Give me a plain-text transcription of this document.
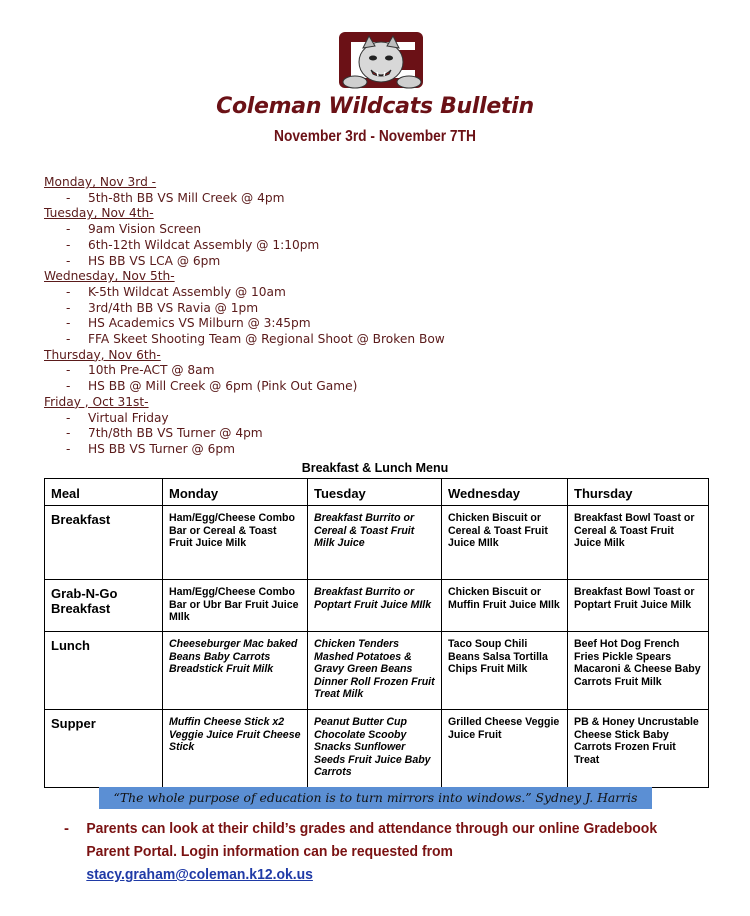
Coleman Wildcats Bulletin
November 3rd - November 7TH
Monday, Nov 3rd -
- 5th-8th BB VS Mill Creek @ 4pm
Tuesday, Nov 4th-
- 9am Vision Screen
- 6th-12th Wildcat Assembly @ 1:10pm
- HS BB VS LCA @ 6pm
Wednesday, Nov 5th-
- K-5th Wildcat Assembly @ 10am
- 3rd/4th BB VS Ravia @ 1pm
- HS Academics VS Milburn @ 3:45pm
- FFA Skeet Shooting Team @ Regional Shoot @ Broken Bow
Thursday, Nov 6th-
- 10th Pre-ACT @ 8am
- HS BB @ Mill Creek @ 6pm (Pink Out Game)
Friday , Oct 31st-
- Virtual Friday
- 7th/8th BB VS Turner @ 4pm
- HS BB VS Turner @ 6pm
Breakfast & Lunch Menu
Meal	Monday	Tuesday	Wednesday	Thursday
Breakfast	Ham/Egg/Cheese Combo Bar or Cereal & Toast Fruit Juice Milk	Breakfast Burrito or Cereal & Toast Fruit Milk Juice	Chicken Biscuit or Cereal & Toast Fruit Juice MIlk	Breakfast Bowl Toast or Cereal & Toast Fruit Juice Milk
Grab-N-Go Breakfast	Ham/Egg/Cheese Combo Bar or Ubr Bar Fruit Juice MIlk	Breakfast Burrito or Poptart Fruit Juice MIlk	Chicken Biscuit or Muffin Fruit Juice MIlk	Breakfast Bowl Toast or Poptart Fruit Juice Milk
Lunch	Cheeseburger Mac baked Beans Baby Carrots Breadstick Fruit Milk	Chicken Tenders Mashed Potatoes & Gravy Green Beans Dinner Roll Frozen Fruit Treat Milk	Taco Soup Chili Beans Salsa Tortilla Chips Fruit Milk	Beef Hot Dog French Fries Pickle Spears Macaroni & Cheese Baby Carrots Fruit Milk
Supper	Muffin Cheese Stick x2 Veggie Juice Fruit Cheese Stick	Peanut Butter Cup Chocolate Scooby Snacks Sunflower Seeds Fruit Juice Baby Carrots	Grilled Cheese Veggie Juice Fruit	PB & Honey Uncrustable Cheese Stick Baby Carrots Frozen Fruit Treat
“The whole purpose of education is to turn mirrors into windows.” Sydney J. Harris
-	Parents can look at their child’s grades and attendance through our online Gradebook Parent Portal. Login information can be requested from
stacy.graham@coleman.k12.ok.us
